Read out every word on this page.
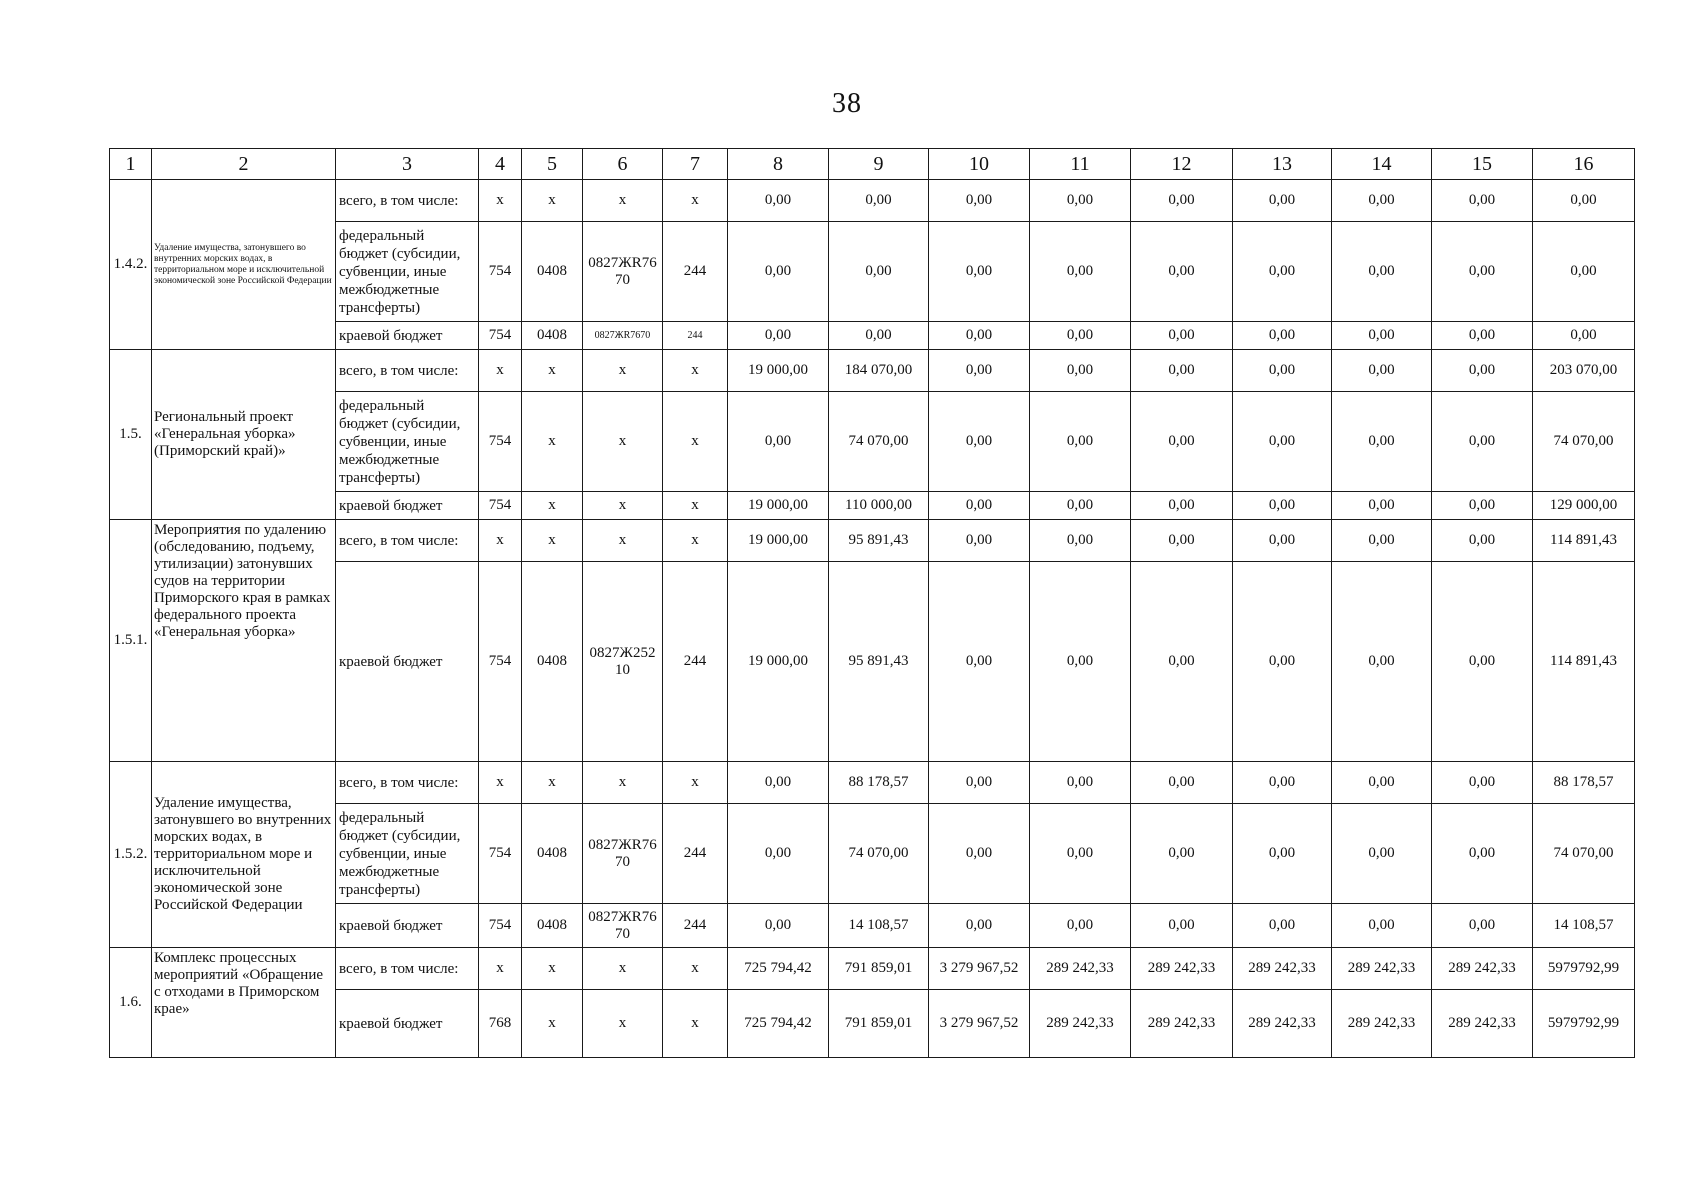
38
1	2	3	4	5	6	7	8	9	10	11	12	13	14	15	16
1.4.2.	Удаление имущества, затонувшего во внутренних морских водах, в территориальном море и исключительной экономической зоне Российской Федерации	всего, в том числе:	x	x	x	x	0,00	0,00	0,00	0,00	0,00	0,00	0,00	0,00	0,00
		федеральный бюджет (субсидии, субвенции, иные межбюджетные трансферты)	754	0408	0827ЖR76 70	244	0,00	0,00	0,00	0,00	0,00	0,00	0,00	0,00	0,00
		краевой бюджет	754	0408	0827ЖR7670	244	0,00	0,00	0,00	0,00	0,00	0,00	0,00	0,00	0,00
1.5.	Региональный проект «Генеральная уборка» (Приморский край)»	всего, в том числе:	x	x	x	x	19 000,00	184 070,00	0,00	0,00	0,00	0,00	0,00	0,00	203 070,00
		федеральный бюджет (субсидии, субвенции, иные межбюджетные трансферты)	754	x	x	x	0,00	74 070,00	0,00	0,00	0,00	0,00	0,00	0,00	74 070,00
		краевой бюджет	754	x	x	x	19 000,00	110 000,00	0,00	0,00	0,00	0,00	0,00	0,00	129 000,00
1.5.1.	Мероприятия по удалению (обследованию, подъему, утилизации) затонувших судов на территории Приморского края в рамках федерального проекта «Генеральная уборка»	всего, в том числе:	x	x	x	x	19 000,00	95 891,43	0,00	0,00	0,00	0,00	0,00	0,00	114 891,43
		краевой бюджет	754	0408	0827Ж252 10	244	19 000,00	95 891,43	0,00	0,00	0,00	0,00	0,00	0,00	114 891,43
1.5.2.	Удаление имущества, затонувшего во внутренних морских водах, в территориальном море и исключительной экономической зоне Российской Федерации	всего, в том числе:	x	x	x	x	0,00	88 178,57	0,00	0,00	0,00	0,00	0,00	0,00	88 178,57
		федеральный бюджет (субсидии, субвенции, иные межбюджетные трансферты)	754	0408	0827ЖR76 70	244	0,00	74 070,00	0,00	0,00	0,00	0,00	0,00	0,00	74 070,00
		краевой бюджет	754	0408	0827ЖR76 70	244	0,00	14 108,57	0,00	0,00	0,00	0,00	0,00	0,00	14 108,57
1.6.	Комплекс процессных мероприятий «Обращение с отходами в Приморском крае»	всего, в том числе:	x	x	x	x	725 794,42	791 859,01	3 279 967,52	289 242,33	289 242,33	289 242,33	289 242,33	289 242,33	5979792,99
		краевой бюджет	768	x	x	x	725 794,42	791 859,01	3 279 967,52	289 242,33	289 242,33	289 242,33	289 242,33	289 242,33	5979792,99
